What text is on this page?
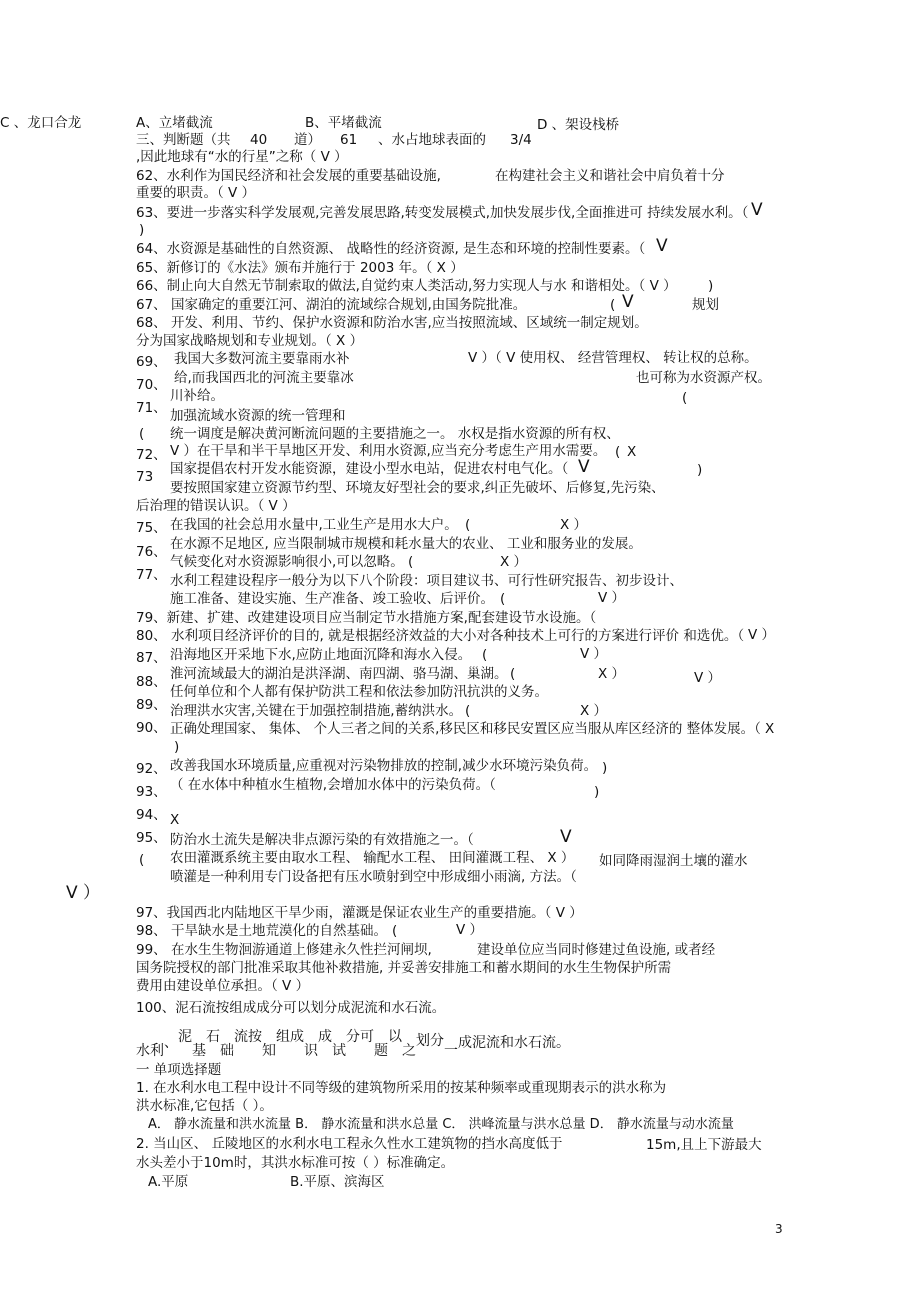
C 、龙口合龙	A、立堵截流	B、平堵截流	D 、架设栈桥
三、判断题（共 40 道） 61 、水占地球表面的 3/4
,因此地球有“水的行星”之称（ V ）
62、水利作为国民经济和社会发展的重要基础设施,	在构建社会主义和谐社会中肩负着十分
重要的职责。（ V ）
63、要进一步落实科学发展观,完善发展思路,转变发展模式,加快发展步伐,全面推进可 持续发展水利。（ V
)
64、水资源是基础性的自然资源、 战略性的经济资源, 是生态和环境的控制性要素。（ V
65、新修订的《水法》颁布并施行于 2003 年。（ X ）
66、制止向大自然无节制索取的做法,自觉约束人类活动,努力实现人与水 和谐相处。（ V ） )
67、 国家确定的重要江河、湖泊的流域综合规划,由国务院批准。	( V	规划
68、 开发、利用、节约、保护水资源和防治水害,应当按照流域、区域统一制定规划。
分为国家战略规划和专业规划。（ X ）
69、 我国大多数河流主要靠雨水补	V ）（ V 使用权、 经营管理权、 转让权的总称。
70、 给,而我国西北的河流主要靠冰	也可称为水资源产权。
川补给。	(
71、 加强流域水资源的统一管理和
( 统一调度是解决黄河断流问题的主要措施之一。 水权是指水资源的所有权、
72、 V ）在干旱和半干旱地区开发、利用水资源,应当充分考虑生产用水需要。 ( X
73 国家提倡农村开发水能资源，建设小型水电站，促进农村电气化。（ V	)
要按照国家建立资源节约型、环境友好型社会的要求,纠正先破坏、后修复,先污染、
后治理的错误认识。（ V ）
75、 在我国的社会总用水量中,工业生产是用水大户。 (	X ）
76、 在水源不足地区, 应当限制城市规模和耗水量大的农业、 工业和服务业的发展。
气候变化对水资源影响很小,可以忽略。 (	X ）
77、 水利工程建设程序一般分为以下八个阶段：项目建议书、可行性研究报告、初步设计、
施工准备、建设实施、生产准备、竣工验收、后评价。 (	V ）
79、新建、扩建、改建建设项目应当制定节水措施方案,配套建设节水设施。（
80、 水利项目经济评价的目的, 就是根据经济效益的大小对各种技术上可行的方案进行评价 和选优。（ V ）
87、 沿海地区开采地下水,应防止地面沉降和海水入侵。 (	V ）
88、 淮河流域最大的湖泊是洪泽湖、南四湖、骆马湖、巢湖。 (	X ）	V ）
任何单位和个人都有保护防洪工程和依法参加防汛抗洪的义务。
89、 治理洪水灾害,关键在于加强控制措施,蓄纳洪水。 (	X ）
90、 正确处理国家、 集体、 个人三者之间的关系,移民区和移民安置区应当服从库区经济的 整体发展。（ X
)
92、 改善我国水环境质量,应重视对污染物排放的控制,减少水环境污染负荷。 )
93、 （ 在水体中种植水生植物,会增加水体中的污染负荷。（	)
94、 X
95、 防治水土流失是解决非点源污染的有效措施之一。（	V
( 农田灌溉系统主要由取水工程、 输配水工程、 田间灌溉工程、 X ） 如同降雨湿润土壤的灌水
喷灌是一种利用专门设备把有压水喷射到空中形成细小雨滴, 方法。（
V ）
97、我国西北内陆地区干旱少雨，灌溉是保证农业生产的重要措施。（ V ）
98、 干旱缺水是土地荒漠化的自然基础。 (	V ）
99、 在水生生物洄游通道上修建永久性拦河闸坝,	建设单位应当同时修建过鱼设施, 或者经
国务院授权的部门批准采取其他补救措施, 并妥善安排施工和蓄水期间的水生生物保护所需
费用由建设单位承担。（ V ）
100、泥石流按组成成分可以划分成泥流和水石流。
水利、泥基石础流按知组成识成试分可题以之划分一成泥流和水石流。
一 单项选择题
1. 在水利水电工程中设计不同等级的建筑物所采用的按某种频率或重现期表示的洪水称为
洪水标准,它包括（ ）。
A． 静水流量和洪水流量 B． 静水流量和洪水总量 C． 洪峰流量与洪水总量 D． 静水流量与动水流量
2. 当山区、 丘陵地区的水利水电工程永久性水工建筑物的挡水高度低于	15m,且上下游最大
水头差小于10m时，其洪水标准可按（ ）标准确定。
A.平原	B.平原、滨海区
3
